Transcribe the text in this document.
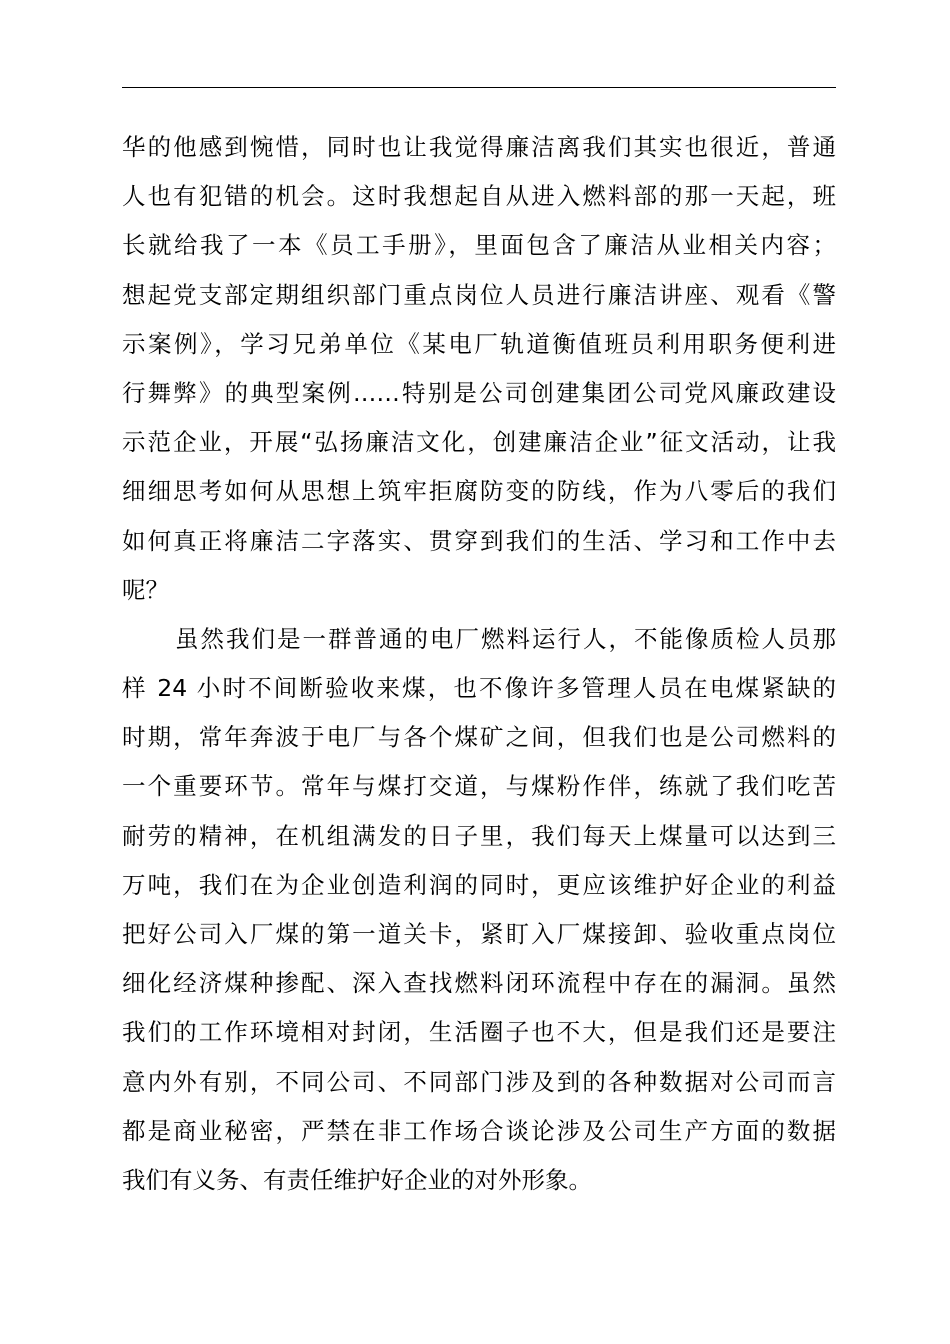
华的他感到惋惜，同时也让我觉得廉洁离我们其实也很近，普通
人也有犯错的机会。这时我想起自从进入燃料部的那一天起，班
长就给我了一本《员工手册》，里面包含了廉洁从业相关内容；
想起党支部定期组织部门重点岗位人员进行廉洁讲座、观看《警
示案例》，学习兄弟单位《某电厂轨道衡值班员利用职务便利进
行舞弊》的典型案例……特别是公司创建集团公司党风廉政建设
示范企业，开展“弘扬廉洁文化，创建廉洁企业”征文活动，让我
细细思考如何从思想上筑牢拒腐防变的防线，作为八零后的我们
如何真正将廉洁二字落实、贯穿到我们的生活、学习和工作中去
呢？
虽然我们是一群普通的电厂燃料运行人，不能像质检人员那
样 24 小时不间断验收来煤，也不像许多管理人员在电煤紧缺的
时期，常年奔波于电厂与各个煤矿之间，但我们也是公司燃料的
一个重要环节。常年与煤打交道，与煤粉作伴，练就了我们吃苦
耐劳的精神，在机组满发的日子里，我们每天上煤量可以达到三
万吨，我们在为企业创造利润的同时，更应该维护好企业的利益
把好公司入厂煤的第一道关卡，紧盯入厂煤接卸、验收重点岗位
细化经济煤种掺配、深入查找燃料闭环流程中存在的漏洞。虽然
我们的工作环境相对封闭，生活圈子也不大，但是我们还是要注
意内外有别，不同公司、不同部门涉及到的各种数据对公司而言
都是商业秘密，严禁在非工作场合谈论涉及公司生产方面的数据
我们有义务、有责任维护好企业的对外形象。
